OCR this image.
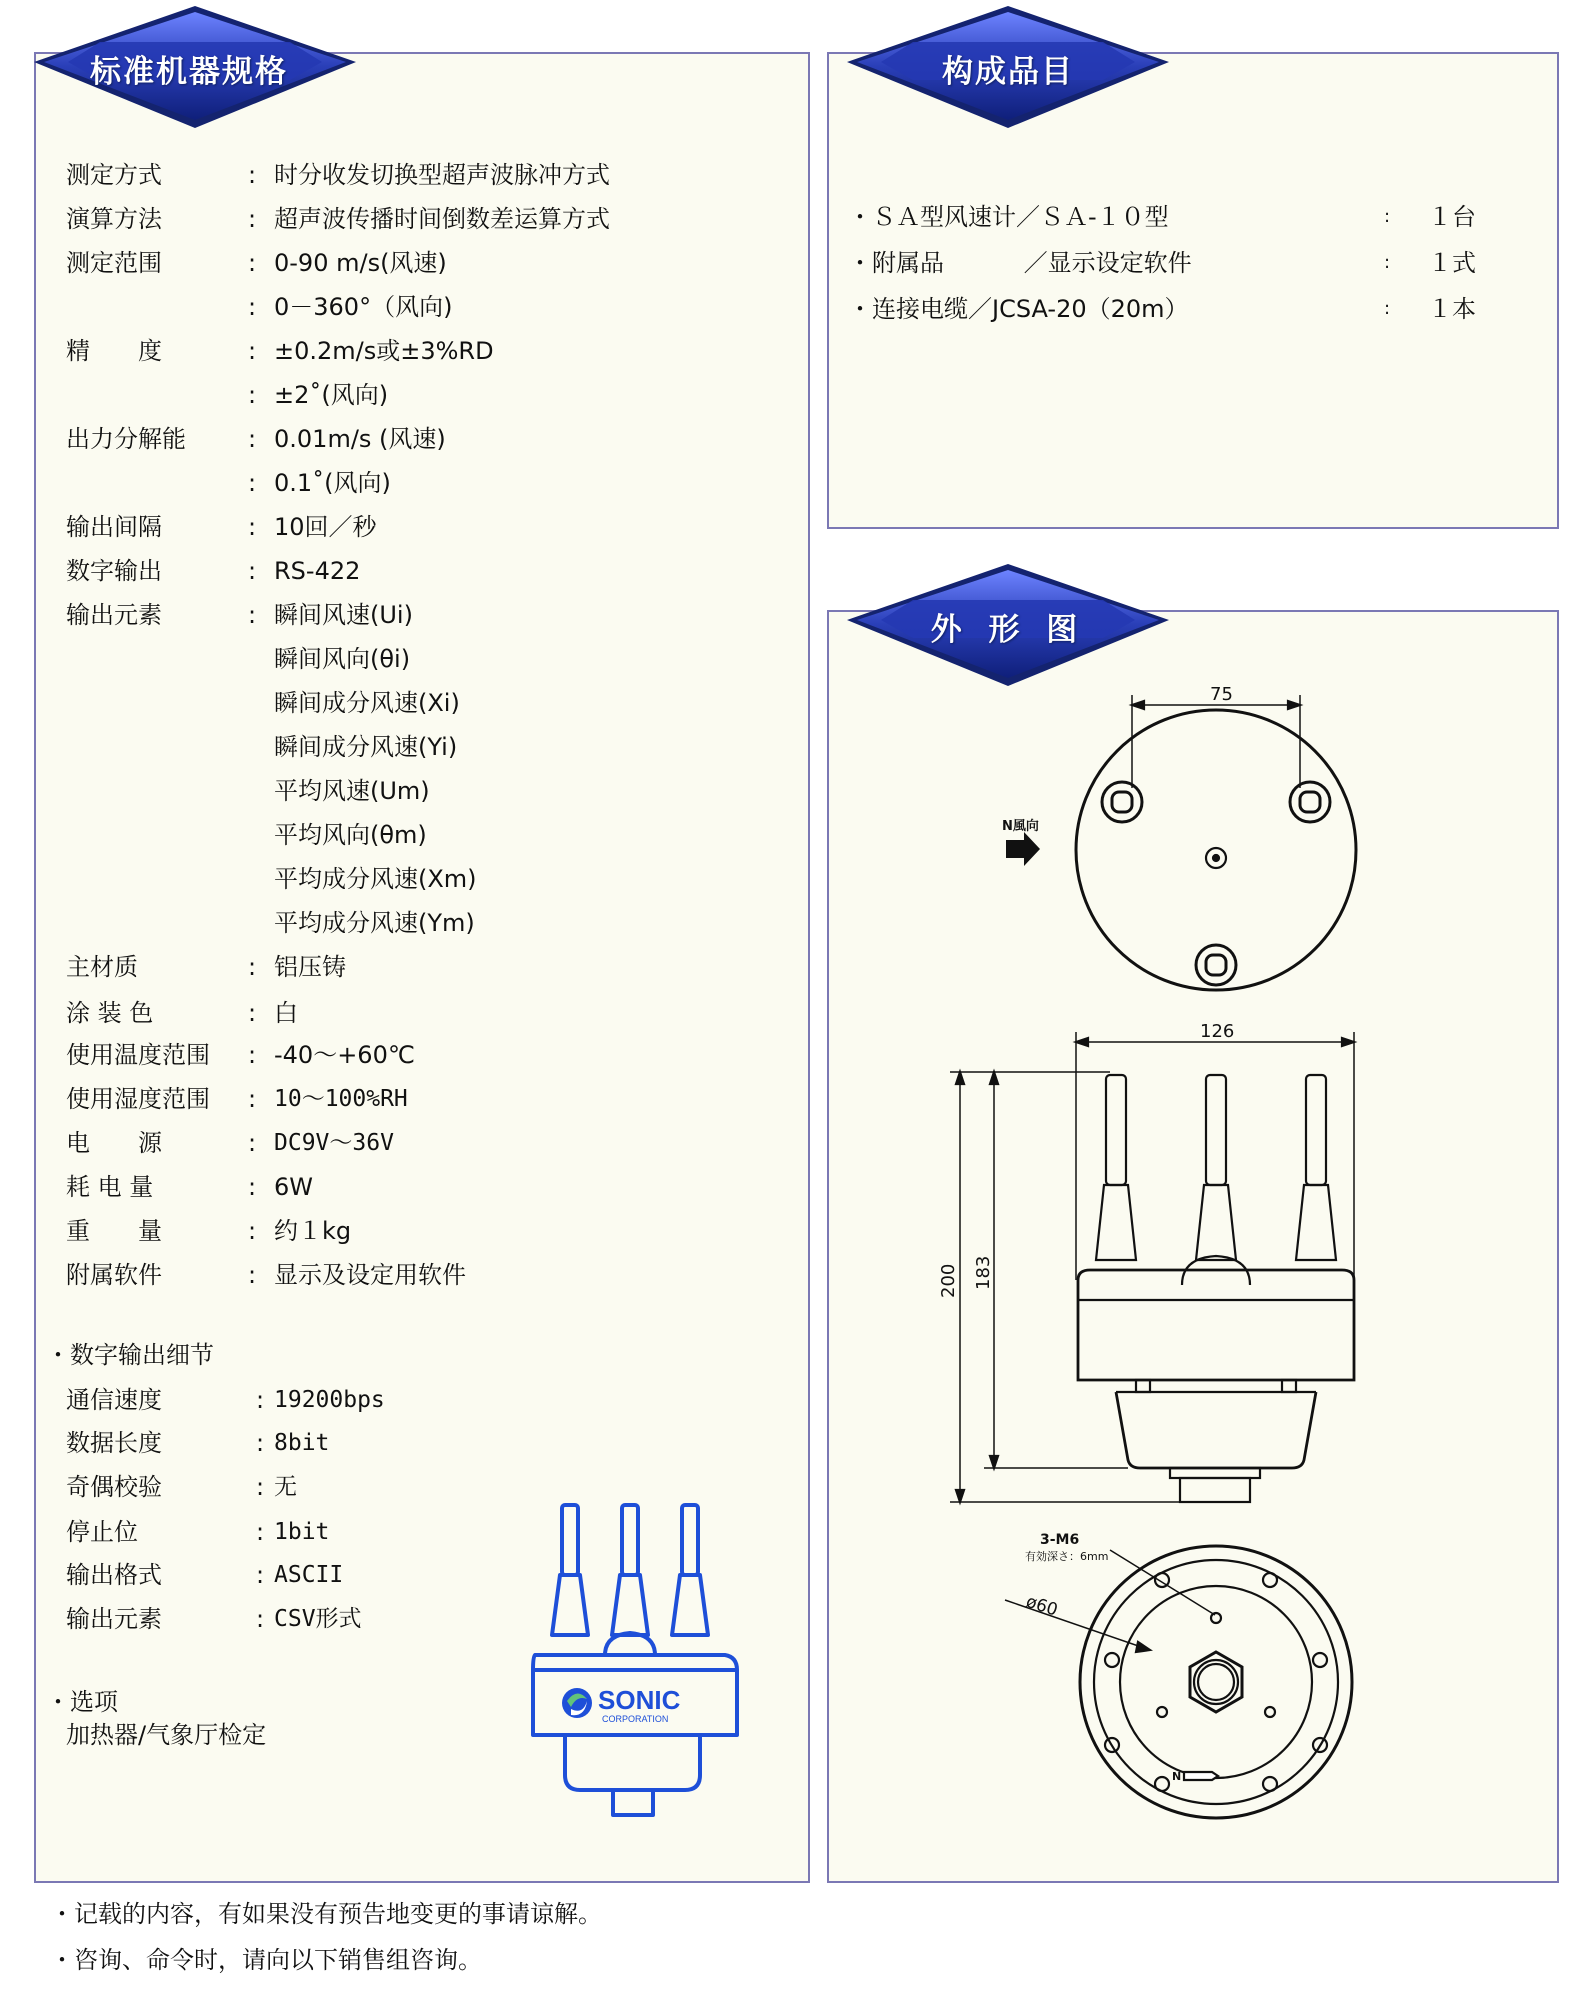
标准机器规格	构成品目
外 形 图
测定方式	: 时分收发切换型超声波脉冲方式
演算方法	: 超声波传播时间倒数差运算方式
测定范围	: 0-90 m/s(风速)
: 0－360°（风向)
精　　度	: ±0.2m/s或±3%RD
: ±2˚(风向)
出力分解能	: 0.01m/s (风速)
: 0.1˚(风向)
输出间隔	: 10回／秒
数字输出	: RS-422
输出元素	: 瞬间风速(Ui)
瞬间风向(θi)
瞬间成分风速(Xi)
瞬间成分风速(Yi)
平均风速(Um)
平均风向(θm)
平均成分风速(Xm)
平均成分风速(Ym)
主材质	: 铝压铸
涂 装 色	: 白
使用温度范围 : -40～+60℃
使用湿度范围 : 10～100%RH
电　　源	: DC9V～36V
耗 电 量	: 6W
重　　量	: 约１kg
附属软件	: 显示及设定用软件
・数字输出细节
通信速度	: 19200bps
数据长度	: 8bit
奇偶校验	: 无
停止位	: 1bit
输出格式	: ASCII
输出元素	: CSV形式
・选项
加热器/气象厅检定
SONIC
CORPORATION
・ＳＡ型风速计／ＳＡ-１０型	: １台
・附属品　　　 ／显示设定软件	: １式
・连接电缆／JCSA-20（20m）	: １本
75
N風向
126
200 183
3-M6
有効深さ：6mm
ø60
N
・记载的内容，有如果没有预告地变更的事请谅解。
・咨询、命令时，请向以下销售组咨询。
